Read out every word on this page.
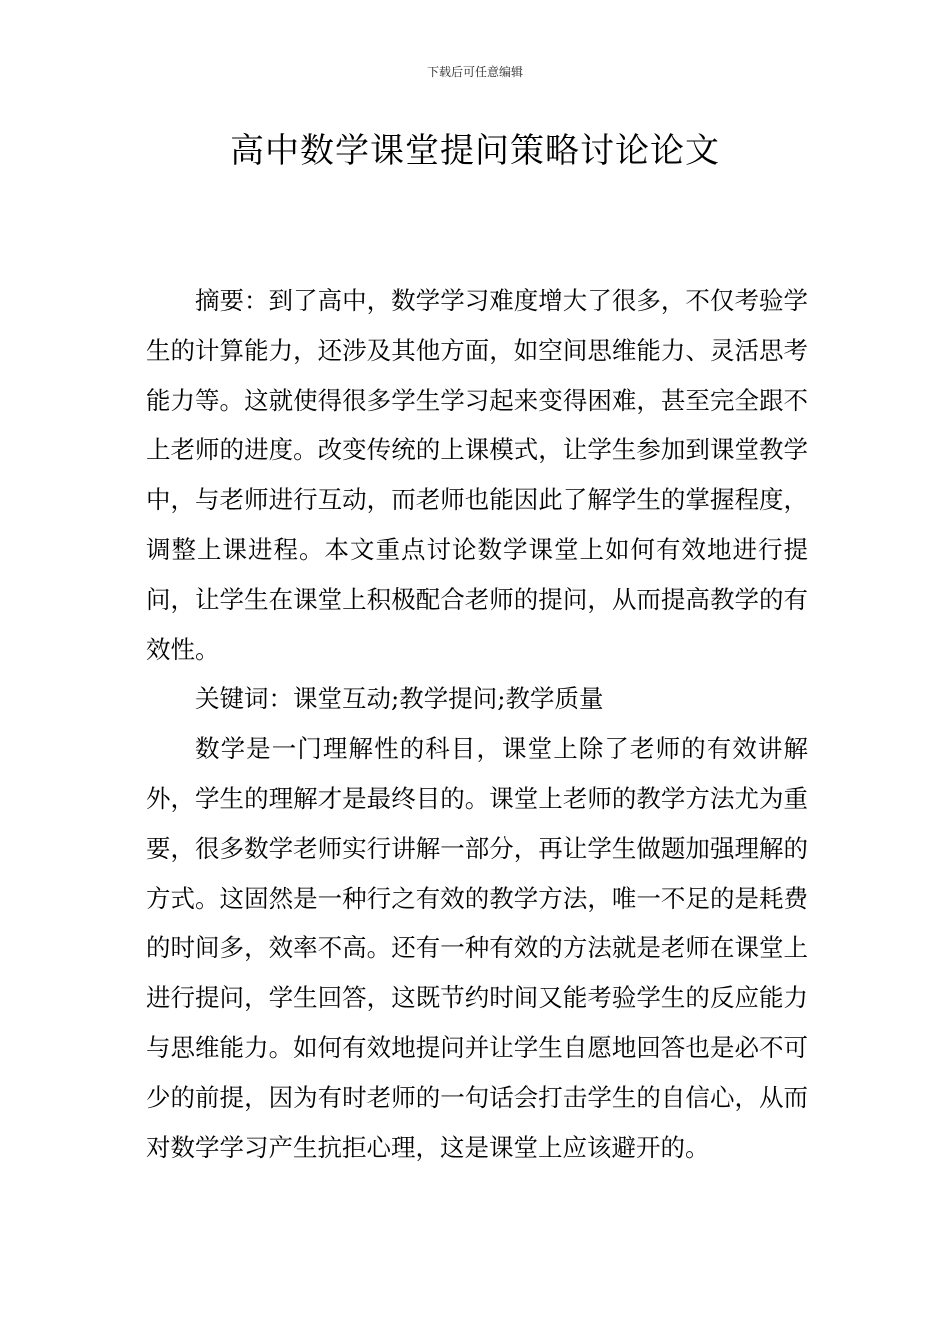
下载后可任意编辑
高中数学课堂提问策略讨论论文

摘要：到了高中，数学学习难度增大了很多，不仅考验学生的计算能力，还涉及其他方面，如空间思维能力、灵活思考能力等。这就使得很多学生学习起来变得困难，甚至完全跟不上老师的进度。改变传统的上课模式，让学生参加到课堂教学中，与老师进行互动，而老师也能因此了解学生的掌握程度，调整上课进程。本文重点讨论数学课堂上如何有效地进行提问，让学生在课堂上积极配合老师的提问，从而提高教学的有效性。

关键词：课堂互动;教学提问;教学质量

数学是一门理解性的科目，课堂上除了老师的有效讲解外，学生的理解才是最终目的。课堂上老师的教学方法尤为重要，很多数学老师实行讲解一部分，再让学生做题加强理解的方式。这固然是一种行之有效的教学方法，唯一不足的是耗费的时间多，效率不高。还有一种有效的方法就是老师在课堂上进行提问，学生回答，这既节约时间又能考验学生的反应能力与思维能力。如何有效地提问并让学生自愿地回答也是必不可少的前提，因为有时老师的一句话会打击学生的自信心，从而对数学学习产生抗拒心理，这是课堂上应该避开的。
